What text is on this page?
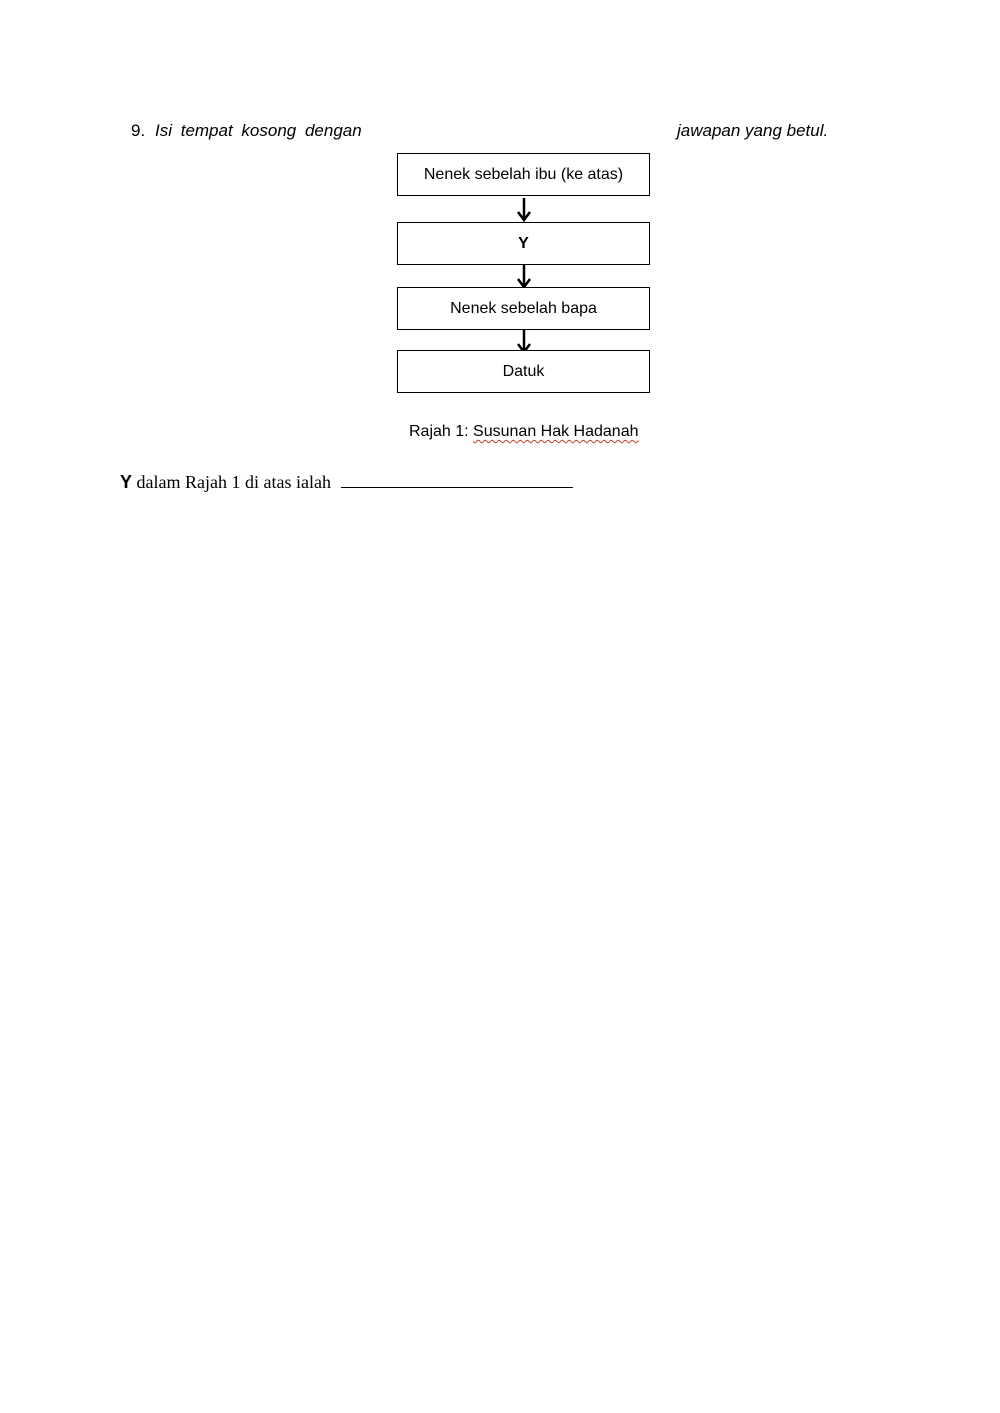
9. Isi tempat kosong dengan	jawapan yang betul.
Nenek sebelah ibu (ke atas)
Y
Nenek sebelah bapa
Datuk
Rajah 1: Susunan Hak Hadanah
Y dalam Rajah 1 di atas ialah
